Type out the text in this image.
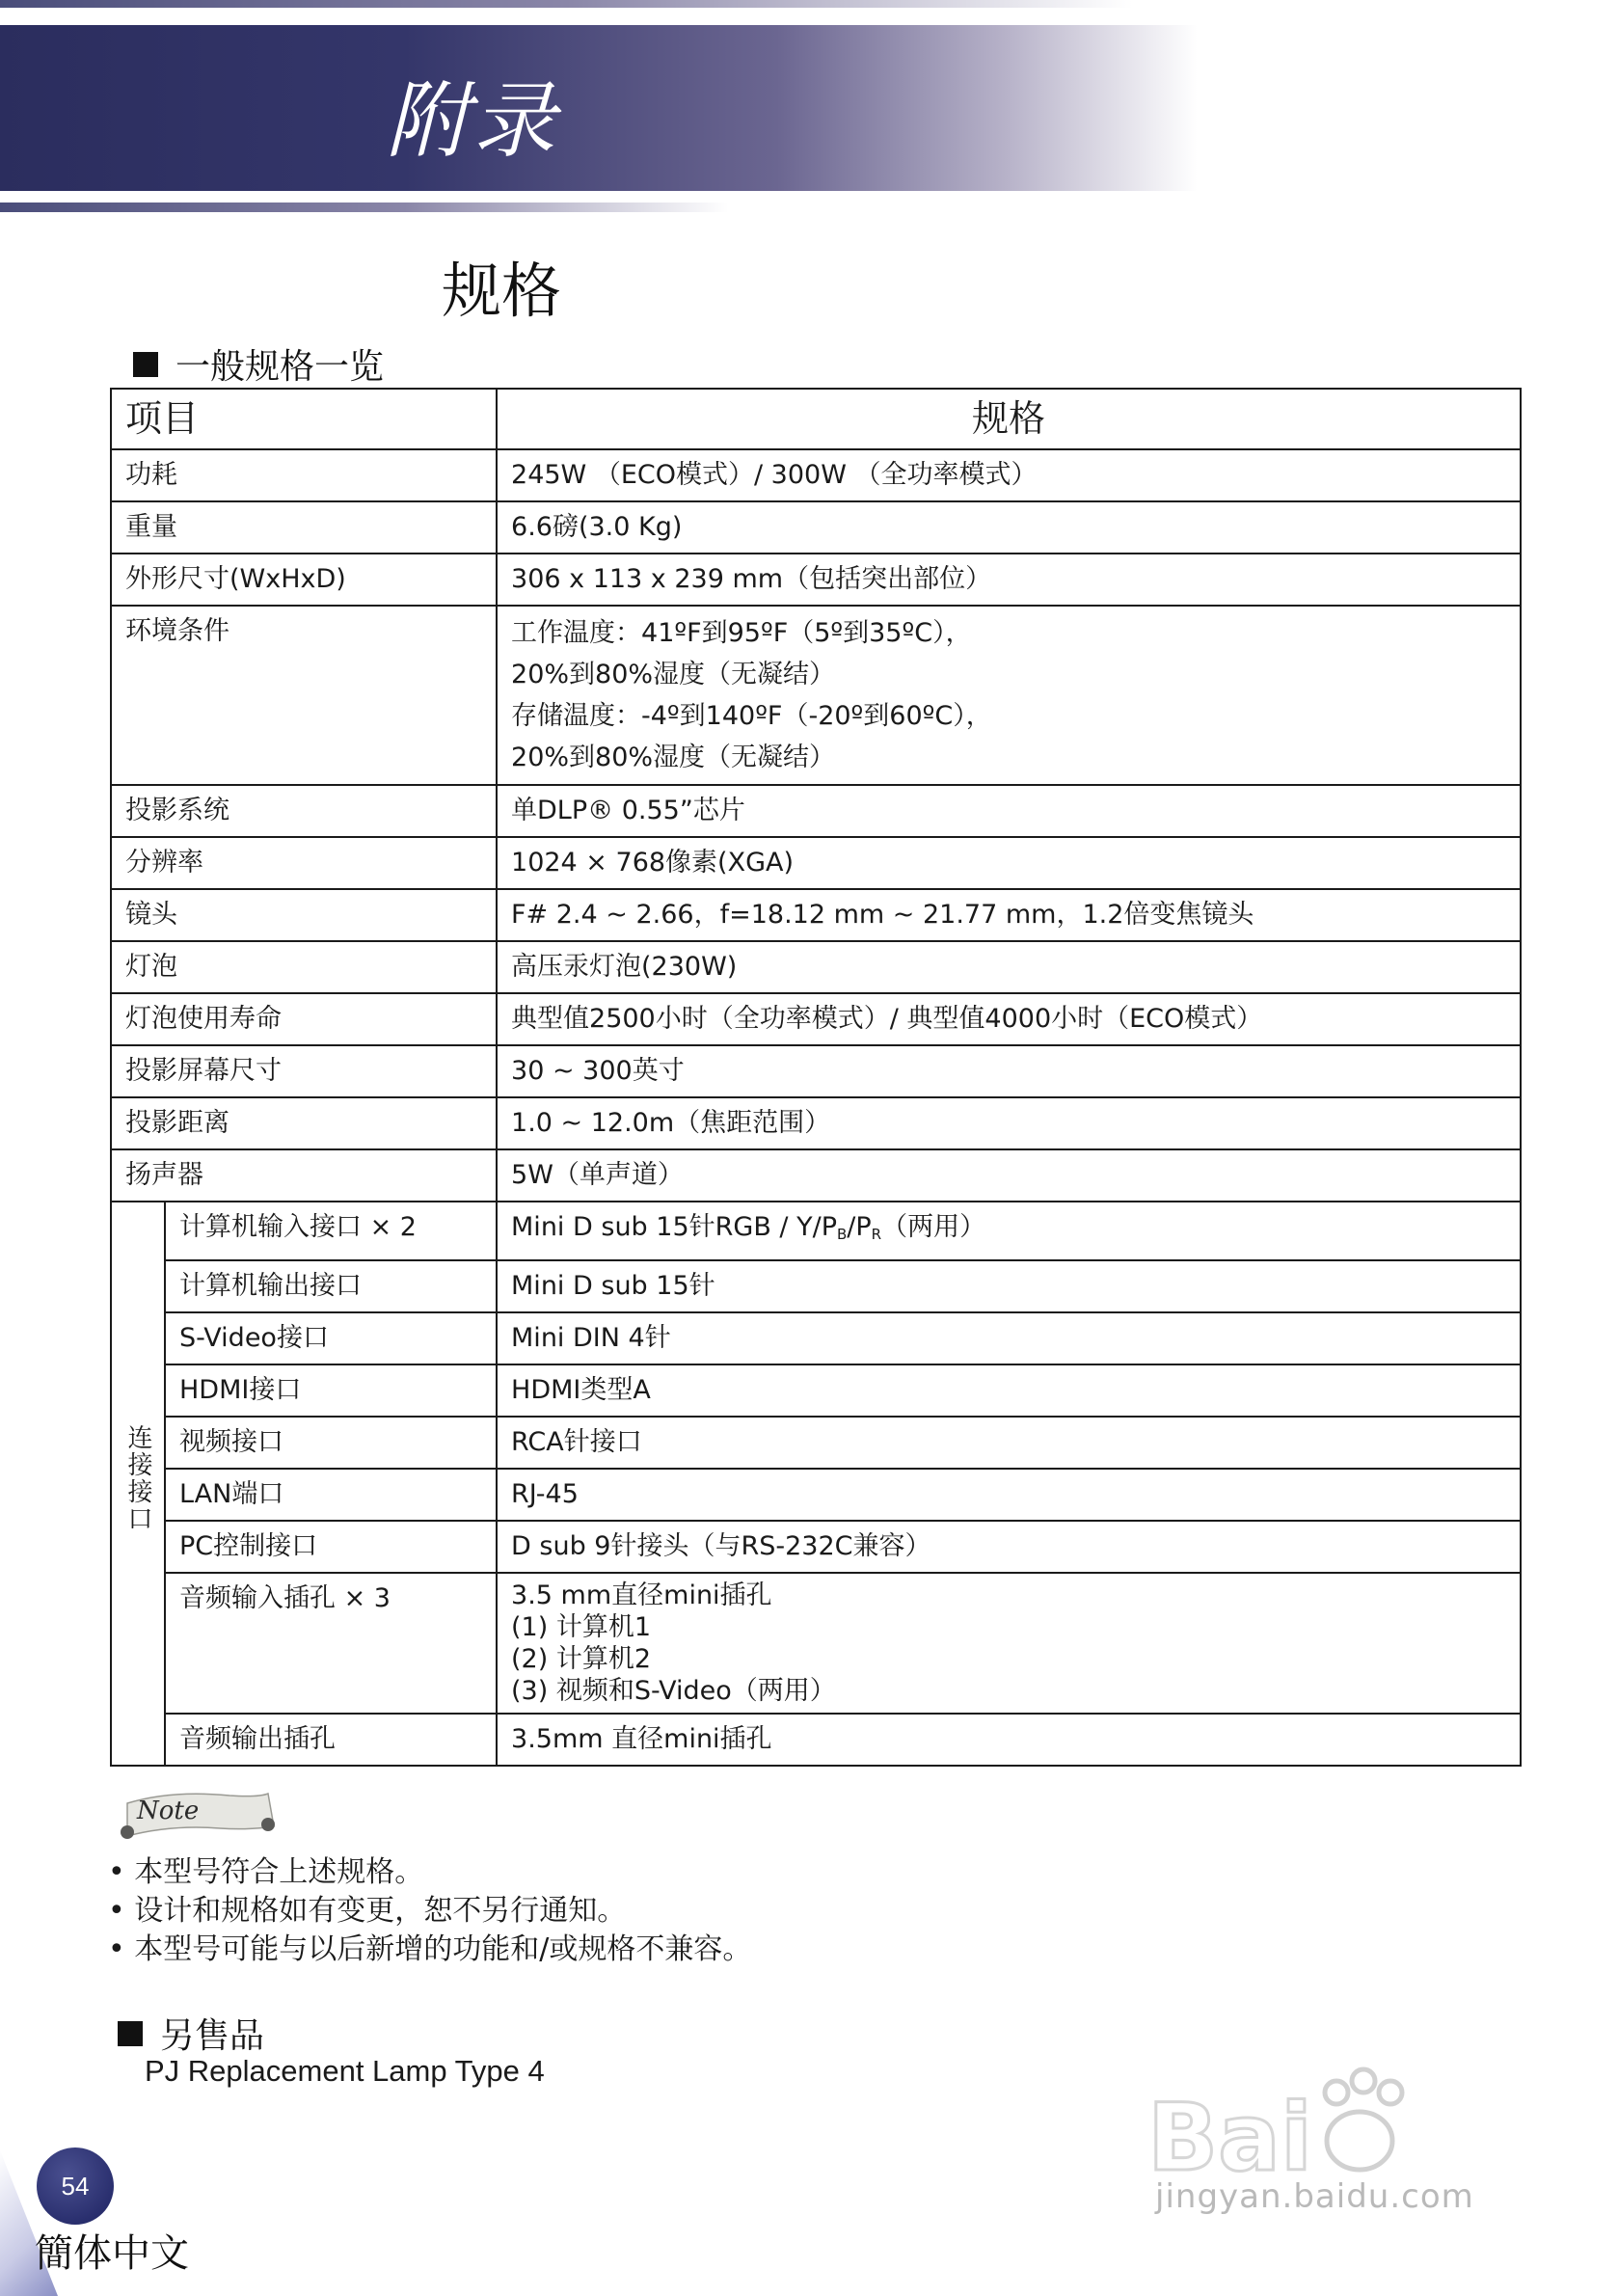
附录
规格
一般规格一览
项目		规格
功耗		245W （ECO模式）/ 300W （全功率模式）
重量		6.6磅(3.0 Kg)
外形尺寸(WxHxD)		306 x 113 x 239 mm（包括突出部位）
环境条件		工作温度：41ºF到95ºF（5º到35ºC），
20%到80%湿度（无凝结）
存储温度：-4º到140ºF（-20º到60ºC），
20%到80%湿度（无凝结）

投影系统		单DLP® 0.55”芯片
分辨率		1024 × 768像素(XGA)
镜头		F# 2.4 ~ 2.66，f=18.12 mm ~ 21.77 mm，1.2倍变焦镜头
灯泡		高压汞灯泡(230W)
灯泡使用寿命		典型值2500小时（全功率模式）/ 典型值4000小时（ECO模式）
投影屏幕尺寸		30 ~ 300英寸
投影距离		1.0 ~ 12.0m（焦距范围）
扬声器		5W（单声道）
连接接口	计算机输入接口 × 2	Mini D sub 15针RGB / $Y/P_B/P_R$（两用）
	计算机输出接口	Mini D sub 15针
	S-Video接口	Mini DIN 4针
	HDMI接口	HDMI类型A
	视频接口	RCA针接口
	LAN端口	RJ-45
	PC控制接口	D sub 9针接头（与RS-232C兼容）
	音频输入插孔 × 3	3.5 mm直径mini插孔
(1) 计算机1
(2) 计算机2
(3) 视频和S-Video（两用）

	音频输出插孔	3.5mm 直径mini插孔
Note
• 本型号符合上述规格。
• 设计和规格如有变更，恕不另行通知。
• 本型号可能与以后新增的功能和/或规格不兼容。
另售品
PJ Replacement Lamp Type 4
Bai
jingyan.baidu.com
54
簡体中文
